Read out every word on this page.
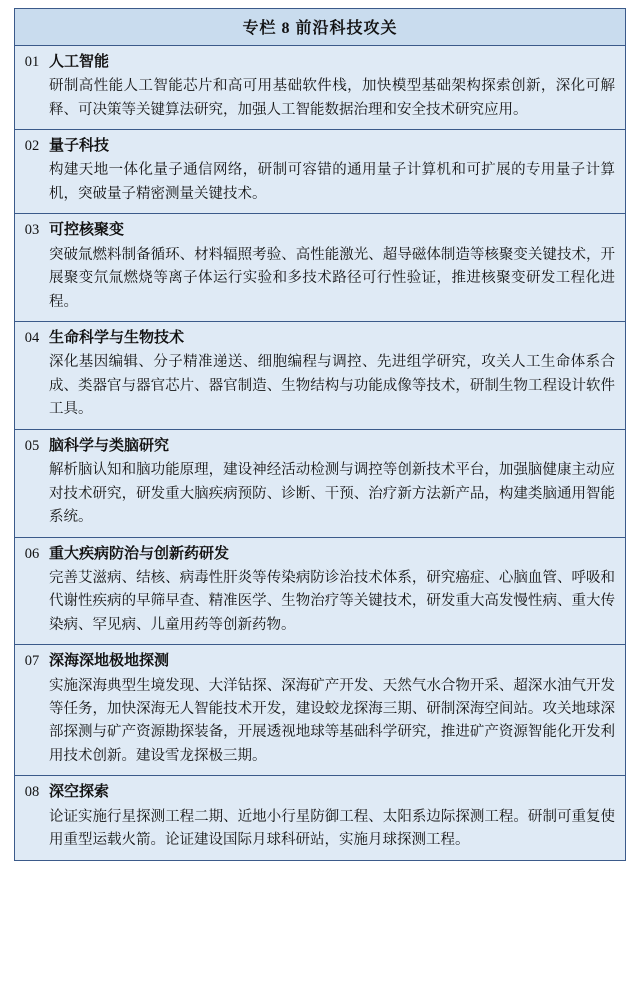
专栏 8 前沿科技攻关
01 人工智能
研制高性能人工智能芯片和高可用基础软件栈，加快模型基础架构探索创新，深化可解释、可决策等关键算法研究，加强人工智能数据治理和安全技术研究应用。
02 量子科技
构建天地一体化量子通信网络，研制可容错的通用量子计算机和可扩展的专用量子计算机，突破量子精密测量关键技术。
03 可控核聚变
突破氚燃料制备循环、材料辐照考验、高性能激光、超导磁体制造等核聚变关键技术，开展聚变氘氚燃烧等离子体运行实验和多技术路径可行性验证，推进核聚变研发工程化进程。
04 生命科学与生物技术
深化基因编辑、分子精准递送、细胞编程与调控、先进组学研究，攻关人工生命体系合成、类器官与器官芯片、器官制造、生物结构与功能成像等技术，研制生物工程设计软件工具。
05 脑科学与类脑研究
解析脑认知和脑功能原理，建设神经活动检测与调控等创新技术平台，加强脑健康主动应对技术研究，研发重大脑疾病预防、诊断、干预、治疗新方法新产品，构建类脑通用智能系统。
06 重大疾病防治与创新药研发
完善艾滋病、结核、病毒性肝炎等传染病防诊治技术体系，研究癌症、心脑血管、呼吸和代谢性疾病的早筛早查、精准医学、生物治疗等关键技术，研发重大高发慢性病、重大传染病、罕见病、儿童用药等创新药物。
07 深海深地极地探测
实施深海典型生境发现、大洋钻探、深海矿产开发、天然气水合物开采、超深水油气开发等任务，加快深海无人智能技术开发，建设蛟龙探海三期、研制深海空间站。攻关地球深部探测与矿产资源勘探装备，开展透视地球等基础科学研究，推进矿产资源智能化开发利用技术创新。建设雪龙探极三期。
08 深空探索
论证实施行星探测工程二期、近地小行星防御工程、太阳系边际探测工程。研制可重复使用重型运载火箭。论证建设国际月球科研站，实施月球探测工程。
